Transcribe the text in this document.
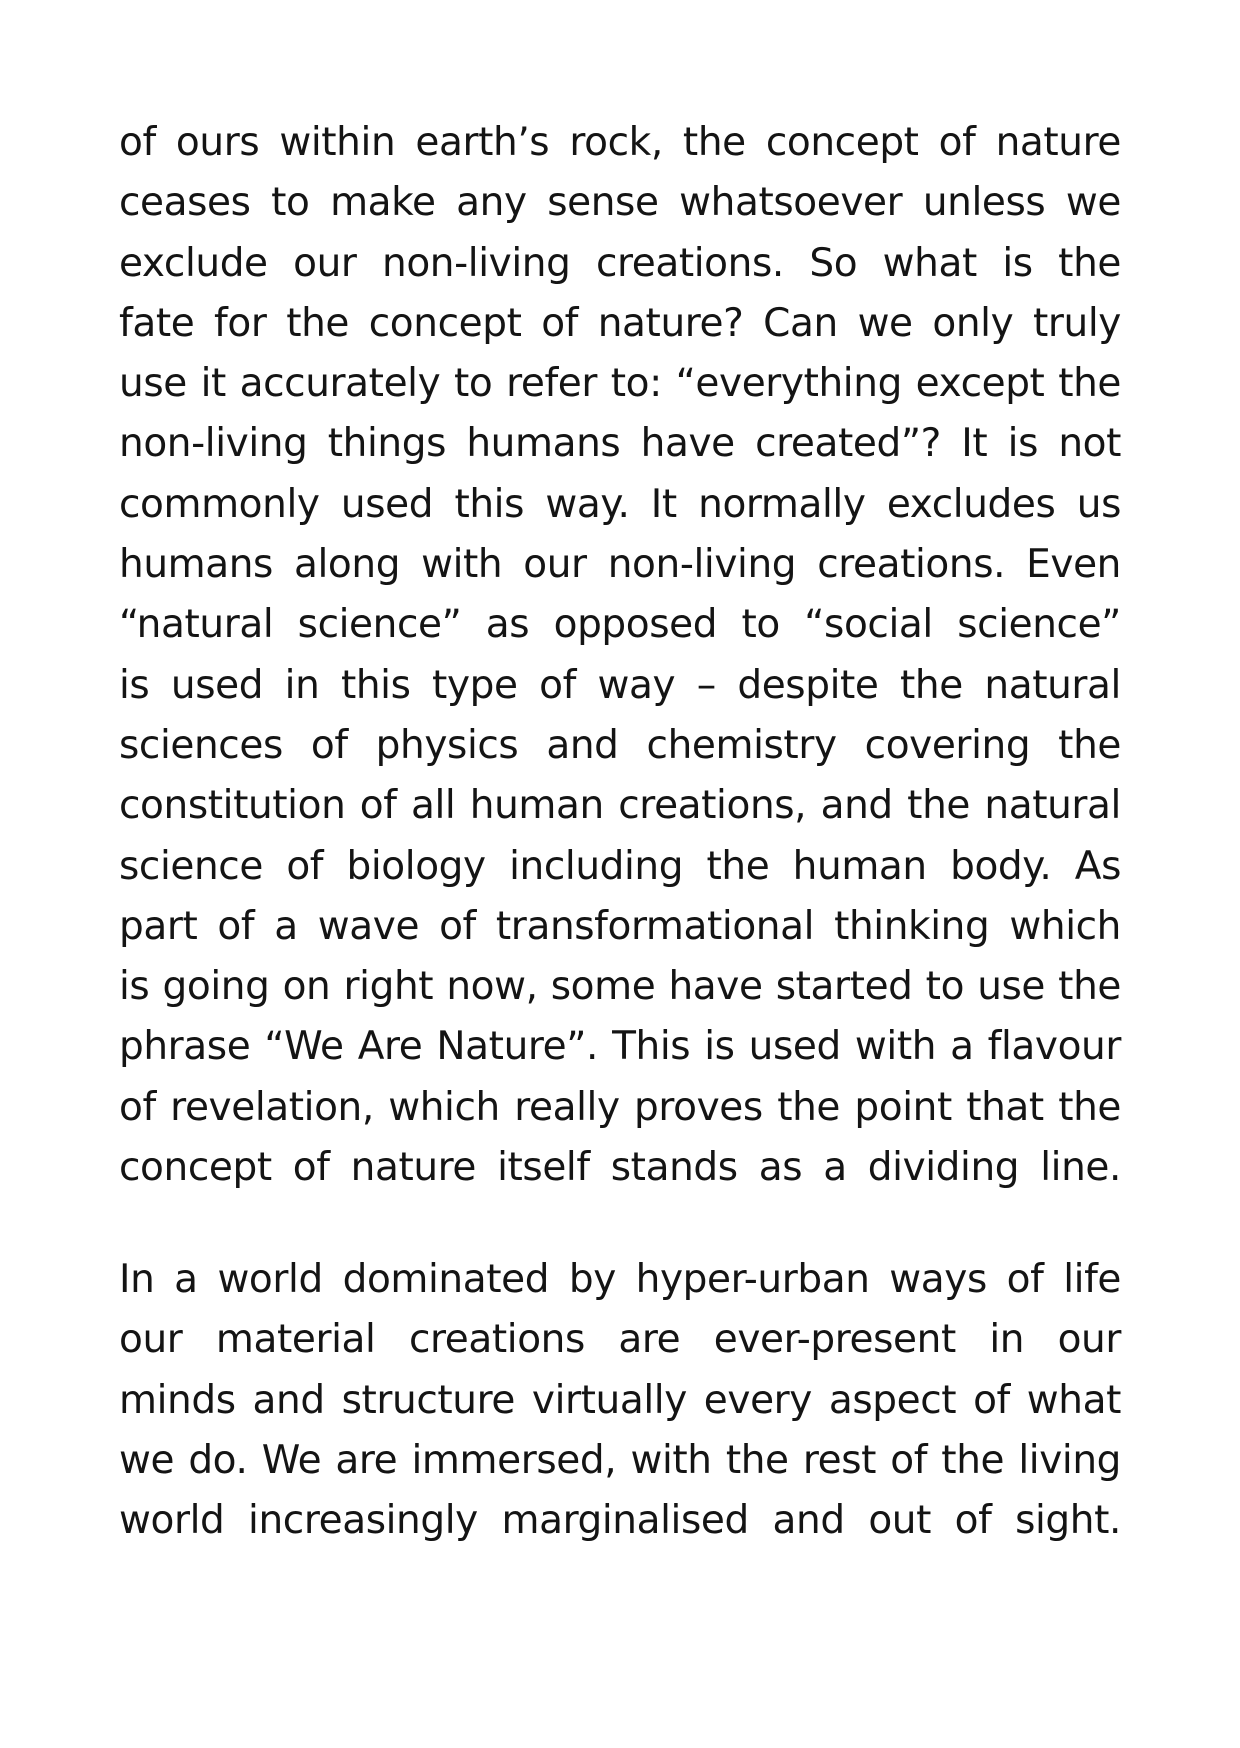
of ours within earth’s rock, the concept of nature
ceases to make any sense whatsoever unless we
exclude our non-living creations. So what is the
fate for the concept of nature? Can we only truly
use it accurately to refer to: “everything except the
non-living things humans have created”? It is not
commonly used this way. It normally excludes us
humans along with our non-living creations. Even
“natural science” as opposed to “social science”
is used in this type of way – despite the natural
sciences of physics and chemistry covering the
constitution of all human creations, and the natural
science of biology including the human body. As
part of a wave of transformational thinking which
is going on right now, some have started to use the
phrase “We Are Nature”. This is used with a flavour
of revelation, which really proves the point that the
concept of nature itself stands as a dividing line.
In a world dominated by hyper-urban ways of life
our material creations are ever-present in our
minds and structure virtually every aspect of what
we do. We are immersed, with the rest of the living
world increasingly marginalised and out of sight.
